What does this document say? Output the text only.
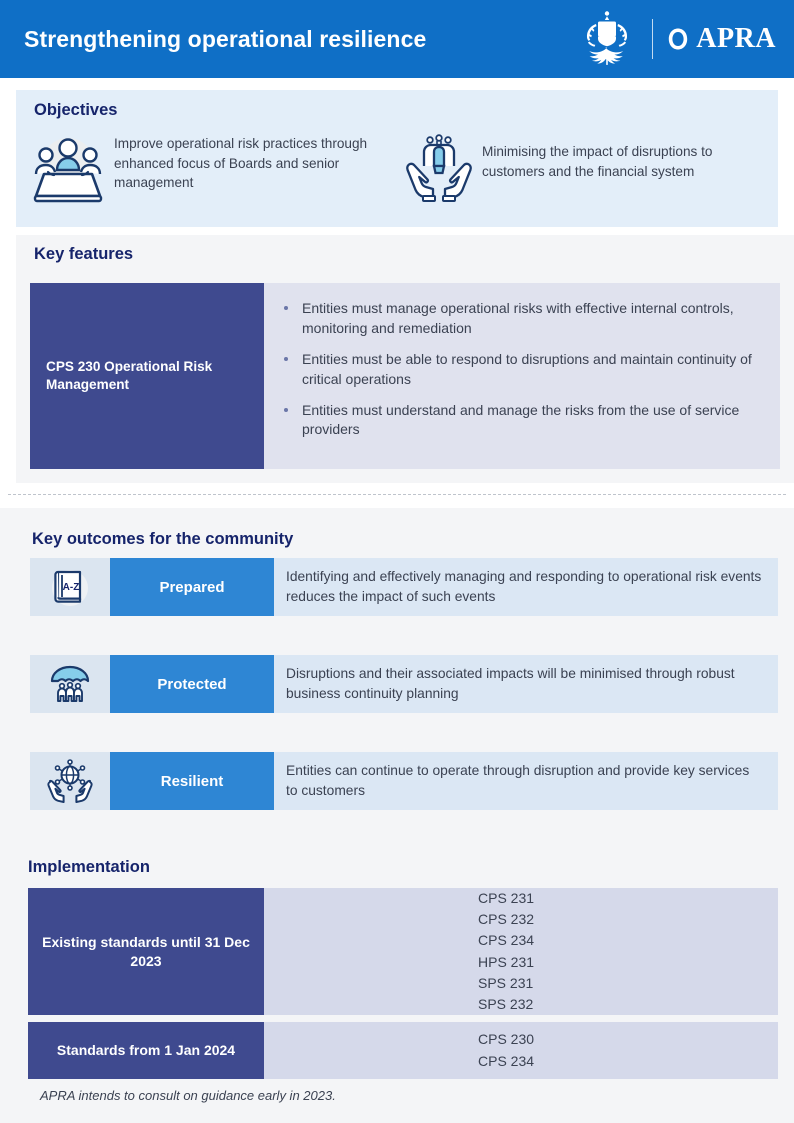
Strengthening operational resilience	APRA
Objectives
Improve operational risk practices through enhanced focus of Boards and senior management
Minimising the impact of disruptions to customers and the financial system
Key features
CPS 230 Operational Risk Management
Entities must manage operational risks with effective internal controls, monitoring and remediation
Entities must be able to respond to disruptions and maintain continuity of critical operations
Entities must understand and manage the risks from the use of service providers
Key outcomes for the community
A-Z	Prepared
Identifying and effectively managing and responding to operational risk events reduces the impact of such events
Protected
Disruptions and their associated impacts will be minimised through robust business continuity planning
Resilient
Entities can continue to operate through disruption and provide key services to customers
Implementation
Existing standards until 31 Dec 2023
CPS 231
CPS 232
CPS 234
HPS 231
SPS 231
SPS 232
Standards from 1 Jan 2024
CPS 230
CPS 234
APRA intends to consult on guidance early in 2023.
